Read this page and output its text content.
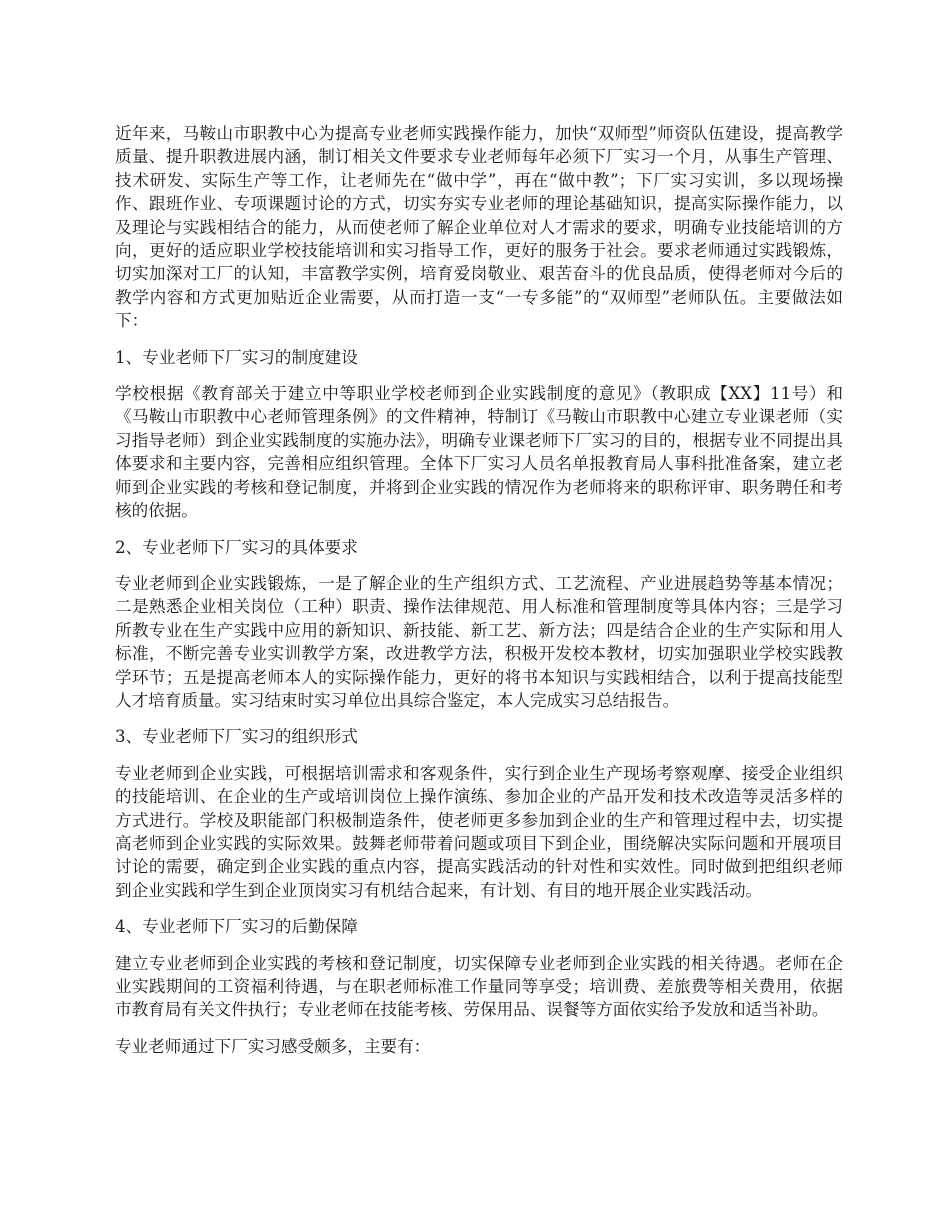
近年来，马鞍山市职教中心为提高专业老师实践操作能力，加快“双师型”师资队伍建设，提高教学质量、提升职教进展内涵，制订相关文件要求专业老师每年必须下厂实习一个月，从事生产管理、技术研发、实际生产等工作，让老师先在“做中学”，再在“做中教”；下厂实习实训，多以现场操作、跟班作业、专项课题讨论的方式，切实夯实专业老师的理论基础知识，提高实际操作能力，以及理论与实践相结合的能力，从而使老师了解企业单位对人才需求的要求，明确专业技能培训的方向，更好的适应职业学校技能培训和实习指导工作，更好的服务于社会。要求老师通过实践锻炼，切实加深对工厂的认知，丰富教学实例，培育爱岗敬业、艰苦奋斗的优良品质，使得老师对今后的教学内容和方式更加贴近企业需要，从而打造一支“一专多能”的“双师型”老师队伍。主要做法如下：

1、专业老师下厂实习的制度建设

学校根据《教育部关于建立中等职业学校老师到企业实践制度的意见》（教职成【XX】11号）和《马鞍山市职教中心老师管理条例》的文件精神，特制订《马鞍山市职教中心建立专业课老师（实习指导老师）到企业实践制度的实施办法》，明确专业课老师下厂实习的目的，根据专业不同提出具体要求和主要内容，完善相应组织管理。全体下厂实习人员名单报教育局人事科批准备案，建立老师到企业实践的考核和登记制度，并将到企业实践的情况作为老师将来的职称评审、职务聘任和考核的依据。

2、专业老师下厂实习的具体要求

专业老师到企业实践锻炼，一是了解企业的生产组织方式、工艺流程、产业进展趋势等基本情况；二是熟悉企业相关岗位（工种）职责、操作法律规范、用人标准和管理制度等具体内容；三是学习所教专业在生产实践中应用的新知识、新技能、新工艺、新方法；四是结合企业的生产实际和用人标准，不断完善专业实训教学方案，改进教学方法，积极开发校本教材，切实加强职业学校实践教学环节；五是提高老师本人的实际操作能力，更好的将书本知识与实践相结合，以利于提高技能型人才培育质量。实习结束时实习单位出具综合鉴定，本人完成实习总结报告。

3、专业老师下厂实习的组织形式

专业老师到企业实践，可根据培训需求和客观条件，实行到企业生产现场考察观摩、接受企业组织的技能培训、在企业的生产或培训岗位上操作演练、参加企业的产品开发和技术改造等灵活多样的方式进行。学校及职能部门积极制造条件，使老师更多参加到企业的生产和管理过程中去，切实提高老师到企业实践的实际效果。鼓舞老师带着问题或项目下到企业，围绕解决实际问题和开展项目讨论的需要，确定到企业实践的重点内容，提高实践活动的针对性和实效性。同时做到把组织老师到企业实践和学生到企业顶岗实习有机结合起来，有计划、有目的地开展企业实践活动。

4、专业老师下厂实习的后勤保障

建立专业老师到企业实践的考核和登记制度，切实保障专业老师到企业实践的相关待遇。老师在企业实践期间的工资福利待遇，与在职老师标准工作量同等享受；培训费、差旅费等相关费用，依据市教育局有关文件执行；专业老师在技能考核、劳保用品、误餐等方面依实给予发放和适当补助。

专业老师通过下厂实习感受颇多，主要有：
